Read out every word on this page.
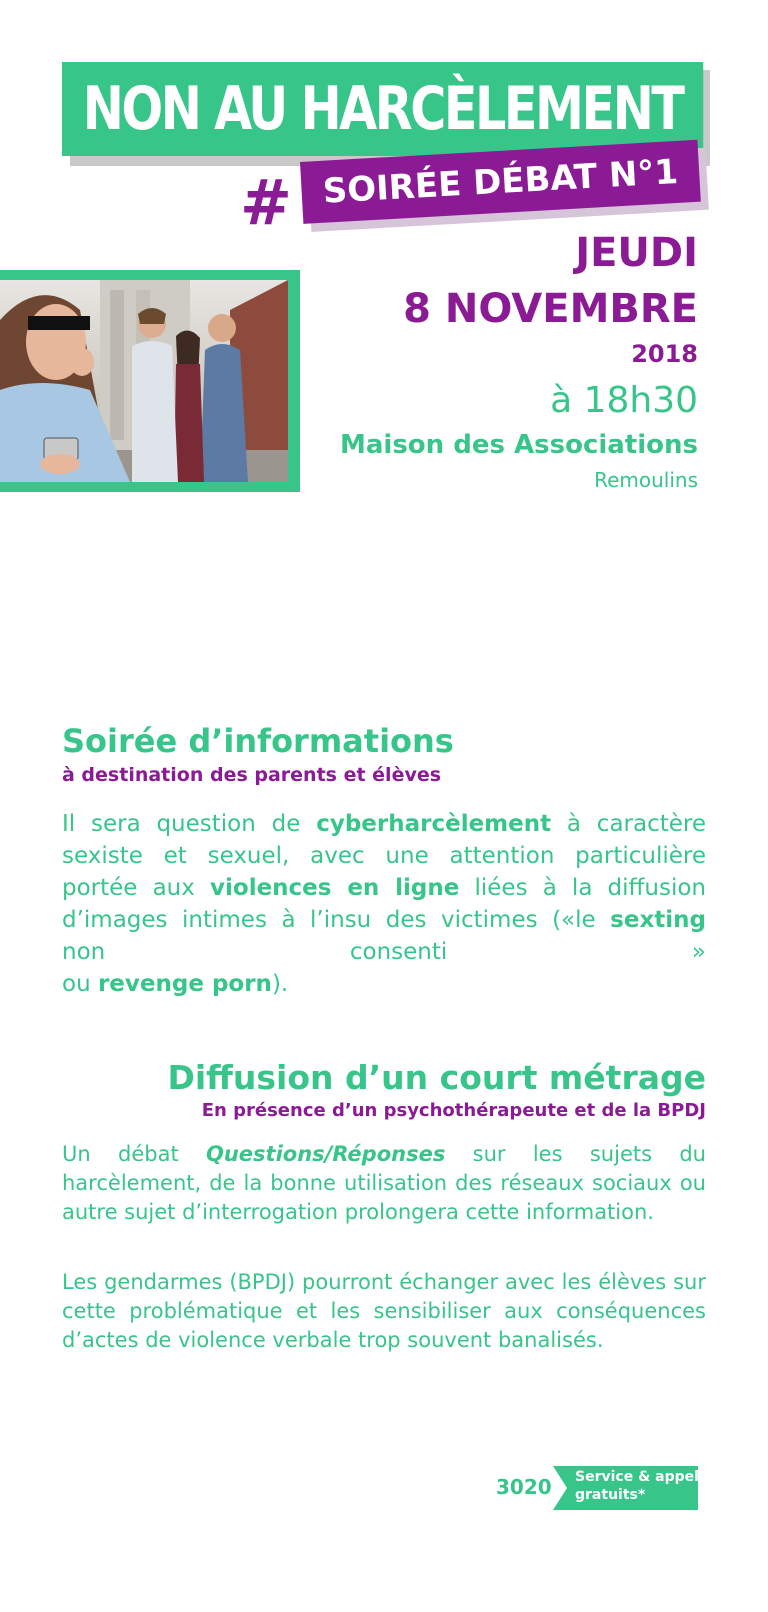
NON AU HARCÈLEMENT
# SOIRÉE DÉBAT N°1
JEUDI
8 NOVEMBRE
2018
à 18h30
Maison des Associations
Remoulins
Soirée d’informations
à destination des parents et élèves
Il sera question de cyberharcèlement à caractère sexiste et sexuel, avec une attention particulière portée aux violences en ligne liées à la diffusion d’images intimes à l’insu des victimes («le sexting non consenti »
ou revenge porn).
Diffusion d’un court métrage
En présence d’un psychothérapeute et de la BPDJ
Un débat Questions/Réponses sur les sujets du harcèlement, de la bonne utilisation des réseaux sociaux ou autre sujet d’interrogation prolongera cette information.
Les gendarmes (BPDJ) pourront échanger avec les élèves sur cette problématique et les sensibiliser aux conséquences d’actes de violence verbale trop souvent banalisés.
3020 Service & appel
gratuits*
